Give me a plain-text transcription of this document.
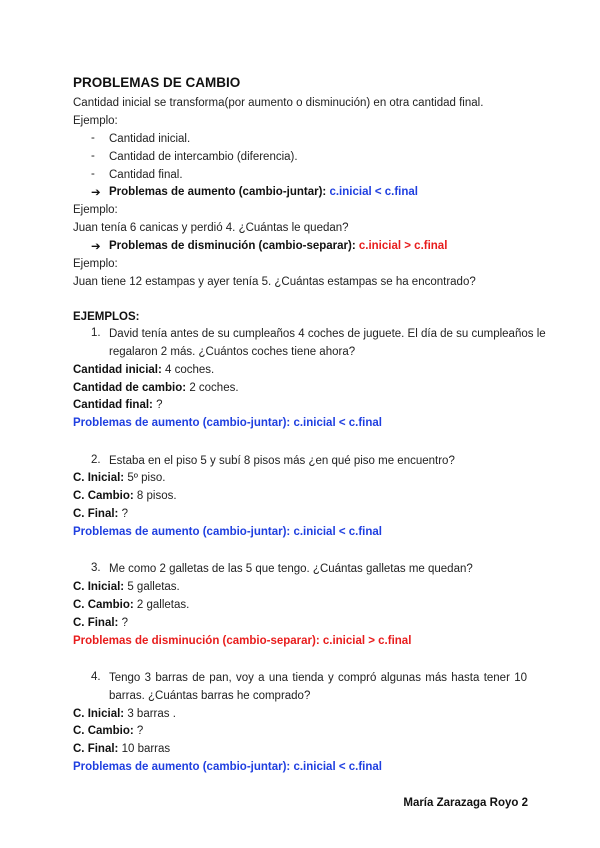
PROBLEMAS DE CAMBIO
Cantidad inicial se transforma(por aumento o disminución) en otra cantidad final.
Ejemplo:
- Cantidad inicial.
- Cantidad de intercambio (diferencia).
- Cantidad final.
➔ Problemas de aumento (cambio-juntar): c.inicial < c.final
Ejemplo:
Juan tenía 6 canicas y perdió 4. ¿Cuántas le quedan?
➔ Problemas de disminución (cambio-separar): c.inicial > c.final
Ejemplo:
Juan tiene 12 estampas y ayer tenía 5. ¿Cuántas estampas se ha encontrado?
EJEMPLOS:
1. David tenía antes de su cumpleaños 4 coches de juguete. El día de su cumpleaños le
regalaron 2 más. ¿Cuántos coches tiene ahora?
Cantidad inicial: 4 coches.
Cantidad de cambio: 2 coches.
Cantidad final: ?
Problemas de aumento (cambio-juntar): c.inicial < c.final
2. Estaba en el piso 5 y subí 8 pisos más ¿en qué piso me encuentro?
C. Inicial: 5º piso.
C. Cambio: 8 pisos.
C. Final: ?
Problemas de aumento (cambio-juntar): c.inicial < c.final
3. Me como 2 galletas de las 5 que tengo. ¿Cuántas galletas me quedan?
C. Inicial: 5 galletas.
C. Cambio: 2 galletas.
C. Final: ?
Problemas de disminución (cambio-separar): c.inicial > c.final
4. Tengo 3 barras de pan, voy a una tienda y compró algunas más hasta tener 10
barras. ¿Cuántas barras he comprado?
C. Inicial: 3 barras .
C. Cambio: ?
C. Final: 10 barras
Problemas de aumento (cambio-juntar): c.inicial < c.final
María Zarazaga Royo 2
